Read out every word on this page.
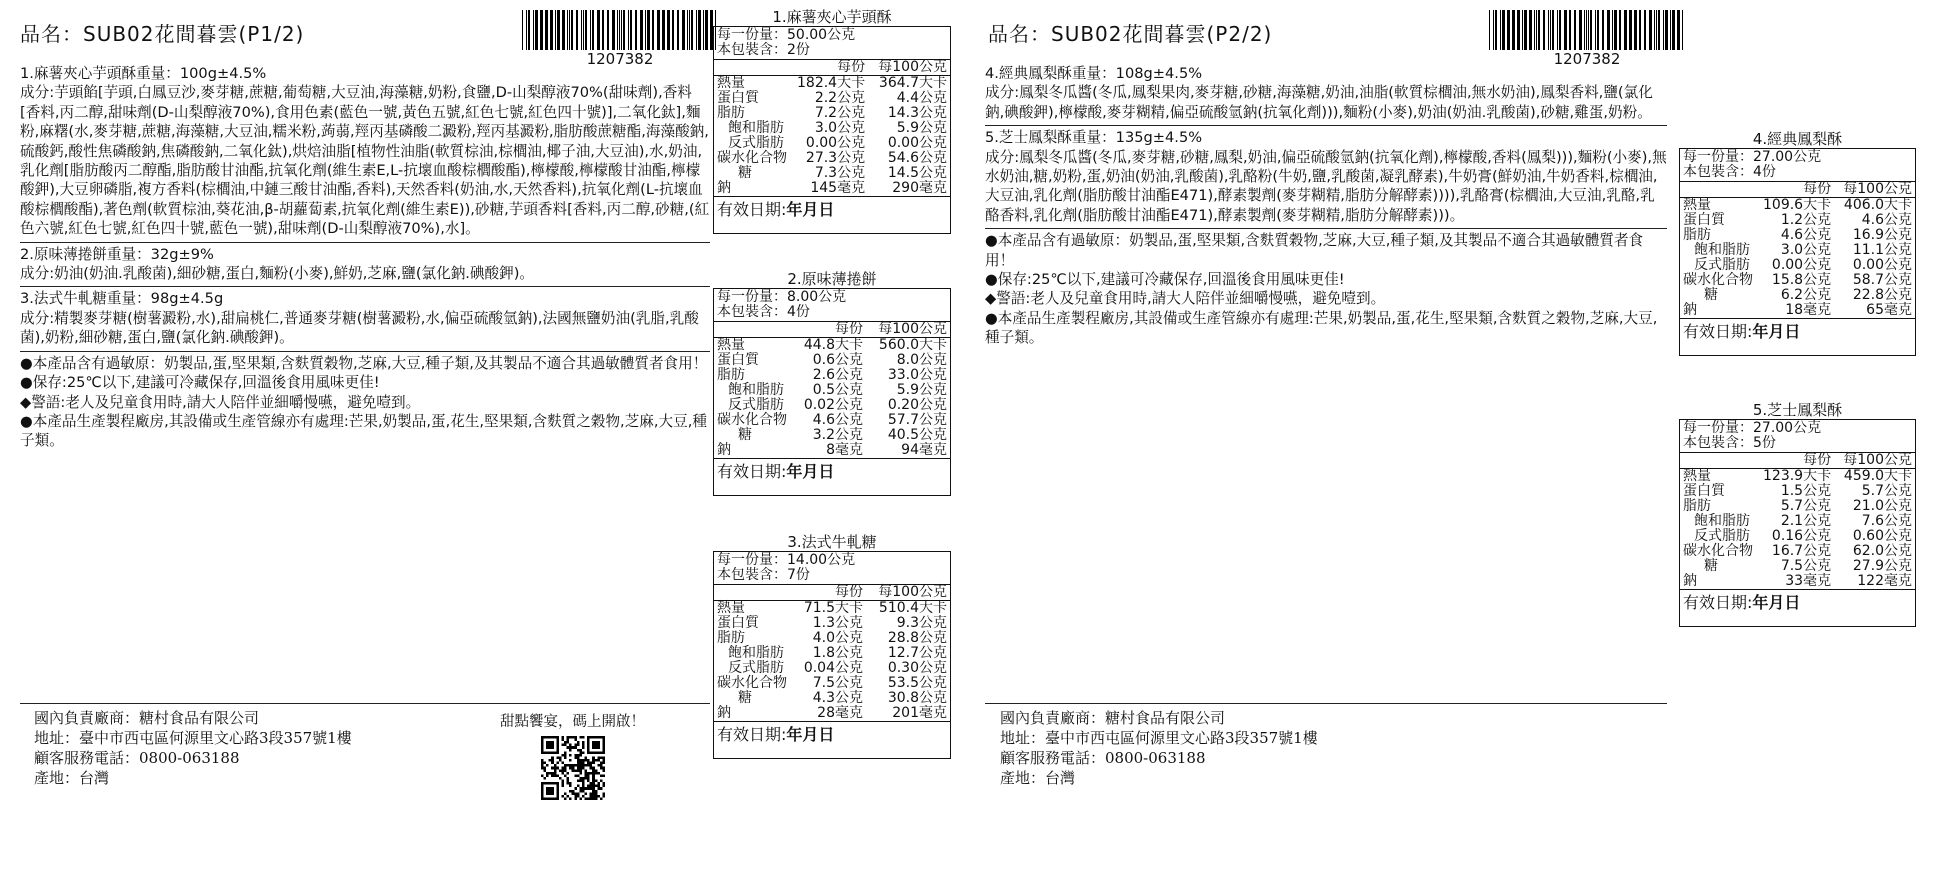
品名：SUB02花間暮雲(P1/2)
1207382

1.麻薯夾心芋頭酥重量：100g±4.5%

成分:芋頭餡[芋頭,白鳳豆沙,麥芽糖,蔗糖,葡萄糖,大豆油,海藻糖,奶粉,食鹽,D-山梨醇液70%(甜味劑),香料[香料,丙二醇,甜味劑(D-山梨醇液70%),食用色素(藍色一號,黃色五號,紅色七號,紅色四十號)],二氧化鈦],麵粉,麻糬(水,麥芽糖,蔗糖,海藻糖,大豆油,糯米粉,蒟蒻,羥丙基磷酸二澱粉,羥丙基澱粉,脂肪酸蔗糖酯,海藻酸鈉,硫酸鈣,酸性焦磷酸鈉,焦磷酸鈉,二氧化鈦),烘焙油脂[植物性油脂(軟質棕油,棕櫚油,椰子油,大豆油),水,奶油,乳化劑[脂肪酸丙二醇酯,脂肪酸甘油酯,抗氧化劑(維生素E,L-抗壞血酸棕櫚酸酯),檸檬酸,檸檬酸甘油酯,檸檬酸鉀),大豆卵磷脂,複方香料(棕櫚油,中鏈三酸甘油酯,香料),天然香料(奶油,水,天然香料),抗氧化劑(L-抗壞血酸棕櫚酸酯),著色劑(軟質棕油,葵花油,β-胡蘿蔔素,抗氧化劑(維生素E)),砂糖,芋頭香料[香料,丙二醇,砂糖,(紅色六號,紅色七號,紅色四十號,藍色一號),甜味劑(D-山梨醇液70%),水]。

2.原味薄捲餅重量：32g±9%

成分:奶油(奶油.乳酸菌),細砂糖,蛋白,麵粉(小麥),鮮奶,芝麻,鹽(氯化鈉.碘酸鉀)。

3.法式牛軋糖重量：98g±4.5g

成分:精製麥芽糖(樹薯澱粉,水),甜扁桃仁,普通麥芽糖(樹薯澱粉,水,偏亞硫酸氫鈉),法國無鹽奶油(乳脂,乳酸菌),奶粉,細砂糖,蛋白,鹽(氯化鈉.碘酸鉀)。

●本產品含有過敏原：奶製品,蛋,堅果類,含麩質穀物,芝麻,大豆,種子類,及其製品不適合其過敏體質者食用！

●保存:25℃以下,建議可冷藏保存,回溫後食用風味更佳!

◆警語:老人及兒童食用時,請大人陪伴並細嚼慢嚥，避免噎到。

●本產品生產製程廠房,其設備或生產管線亦有處理:芒果,奶製品,蛋,花生,堅果類,含麩質之穀物,芝麻,大豆,種子類。

國內負責廠商：糖村食品有限公司
地址：臺中市西屯區何源里文心路3段357號1樓
顧客服務電話：0800-063188
產地：台灣
甜點饗宴，碼上開啟！
1.麻薯夾心芋頭酥
每一份量：50.00公克
本包裝含：2份
	每份	每100公克
熱量	182.4大卡	364.7大卡
蛋白質	2.2公克	4.4公克
脂肪	7.2公克	14.3公克
飽和脂肪	3.0公克	5.9公克
反式脂肪	0.00公克	0.00公克
碳水化合物	27.3公克	54.6公克
糖	7.3公克	14.5公克
鈉	145毫克	290毫克
有效日期:年月日
2.原味薄捲餅
每一份量：8.00公克
本包裝含：4份
	每份	每100公克
熱量	44.8大卡	560.0大卡
蛋白質	0.6公克	8.0公克
脂肪	2.6公克	33.0公克
飽和脂肪	0.5公克	5.9公克
反式脂肪	0.02公克	0.20公克
碳水化合物	4.6公克	57.7公克
糖	3.2公克	40.5公克
鈉	8毫克	94毫克
有效日期:年月日
3.法式牛軋糖
每一份量：14.00公克
本包裝含：7份
	每份	每100公克
熱量	71.5大卡	510.4大卡
蛋白質	1.3公克	9.3公克
脂肪	4.0公克	28.8公克
飽和脂肪	1.8公克	12.7公克
反式脂肪	0.04公克	0.30公克
碳水化合物	7.5公克	53.5公克
糖	4.3公克	30.8公克
鈉	28毫克	201毫克
有效日期:年月日
4.經典鳳梨酥
每一份量：27.00公克
本包裝含：4份
	每份	每100公克
熱量	109.6大卡	406.0大卡
蛋白質	1.2公克	4.6公克
脂肪	4.6公克	16.9公克
飽和脂肪	3.0公克	11.1公克
反式脂肪	0.00公克	0.00公克
碳水化合物	15.8公克	58.7公克
糖	6.2公克	22.8公克
鈉	18毫克	65毫克
有效日期:年月日
5.芝士鳳梨酥
每一份量：27.00公克
本包裝含：5份
	每份	每100公克
熱量	123.9大卡	459.0大卡
蛋白質	1.5公克	5.7公克
脂肪	5.7公克	21.0公克
飽和脂肪	2.1公克	7.6公克
反式脂肪	0.16公克	0.60公克
碳水化合物	16.7公克	62.0公克
糖	7.5公克	27.9公克
鈉	33毫克	122毫克
有效日期:年月日
品名：SUB02花間暮雲(P2/2)
1207382

4.經典鳳梨酥重量：108g±4.5%

成分:鳳梨冬瓜醬(冬瓜,鳳梨果肉,麥芽糖,砂糖,海藻糖,奶油,油脂(軟質棕櫚油,無水奶油),鳳梨香料,鹽(氯化鈉,碘酸鉀),檸檬酸,麥芽糊精,偏亞硫酸氫鈉(抗氧化劑))),麵粉(小麥),奶油(奶油.乳酸菌),砂糖,雞蛋,奶粉。

5.芝士鳳梨酥重量：135g±4.5%

成分:鳳梨冬瓜醬(冬瓜,麥芽糖,砂糖,鳳梨,奶油,偏亞硫酸氫鈉(抗氧化劑),檸檬酸,香料(鳳梨))),麵粉(小麥),無水奶油,糖,奶粉,蛋,奶油(奶油,乳酸菌),乳酪粉(牛奶,鹽,乳酸菌,凝乳酵素),牛奶膏(鮮奶油,牛奶香料,棕櫚油,大豆油,乳化劑(脂肪酸甘油酯E471),酵素製劑(麥芽糊精,脂肪分解酵素)))),乳酪膏(棕櫚油,大豆油,乳酪,乳酪香料,乳化劑(脂肪酸甘油酯E471),酵素製劑(麥芽糊精,脂肪分解酵素)))。

●本產品含有過敏原：奶製品,蛋,堅果類,含麩質穀物,芝麻,大豆,種子類,及其製品不適合其過敏體質者食用！

●保存:25℃以下,建議可冷藏保存,回溫後食用風味更佳!

◆警語:老人及兒童食用時,請大人陪伴並細嚼慢嚥，避免噎到。

●本產品生產製程廠房,其設備或生產管線亦有處理:芒果,奶製品,蛋,花生,堅果類,含麩質之穀物,芝麻,大豆,種子類。

國內負責廠商：糖村食品有限公司
地址：臺中市西屯區何源里文心路3段357號1樓
顧客服務電話：0800-063188
產地：台灣
